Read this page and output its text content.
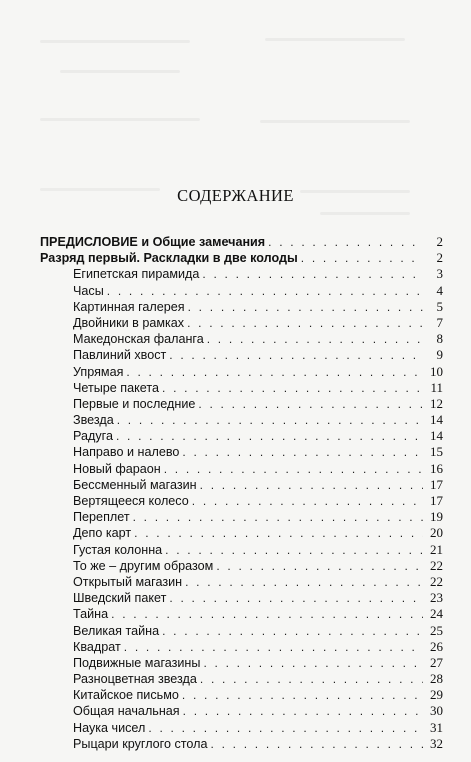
СОДЕРЖАНИЕ
ПРЕДИСЛОВИЕ и Общие замечания . . .	2
Разряд первый. Раскладки в две колоды . . .	2
Египетская пирамида . . .	3
Часы . . .	4
Картинная галерея . . .	5
Двойники в рамках . . .	7
Македонская фаланга . . .	8
Павлиний хвост . . .	9
Упрямая . . .	10
Четыре пакета . . .	11
Первые и последние . . .	12
Звезда . . .	14
Радуга . . .	14
Направо и налево . . .	15
Новый фараон . . .	16
Бессменный магазин . . .	17
Вертящееся колесо . . .	17
Переплет . . .	19
Депо карт . . .	20
Густая колонна . . .	21
То же – другим образом . . .	22
Открытый магазин . . .	22
Шведский пакет . . .	23
Тайна . . .	24
Великая тайна . . .	25
Квадрат . . .	26
Подвижные магазины . . .	27
Разноцветная звезда . . .	28
Китайское письмо . . .	29
Общая начальная . . .	30
Наука чисел . . .	31
Рыцари круглого стола . . .	32
